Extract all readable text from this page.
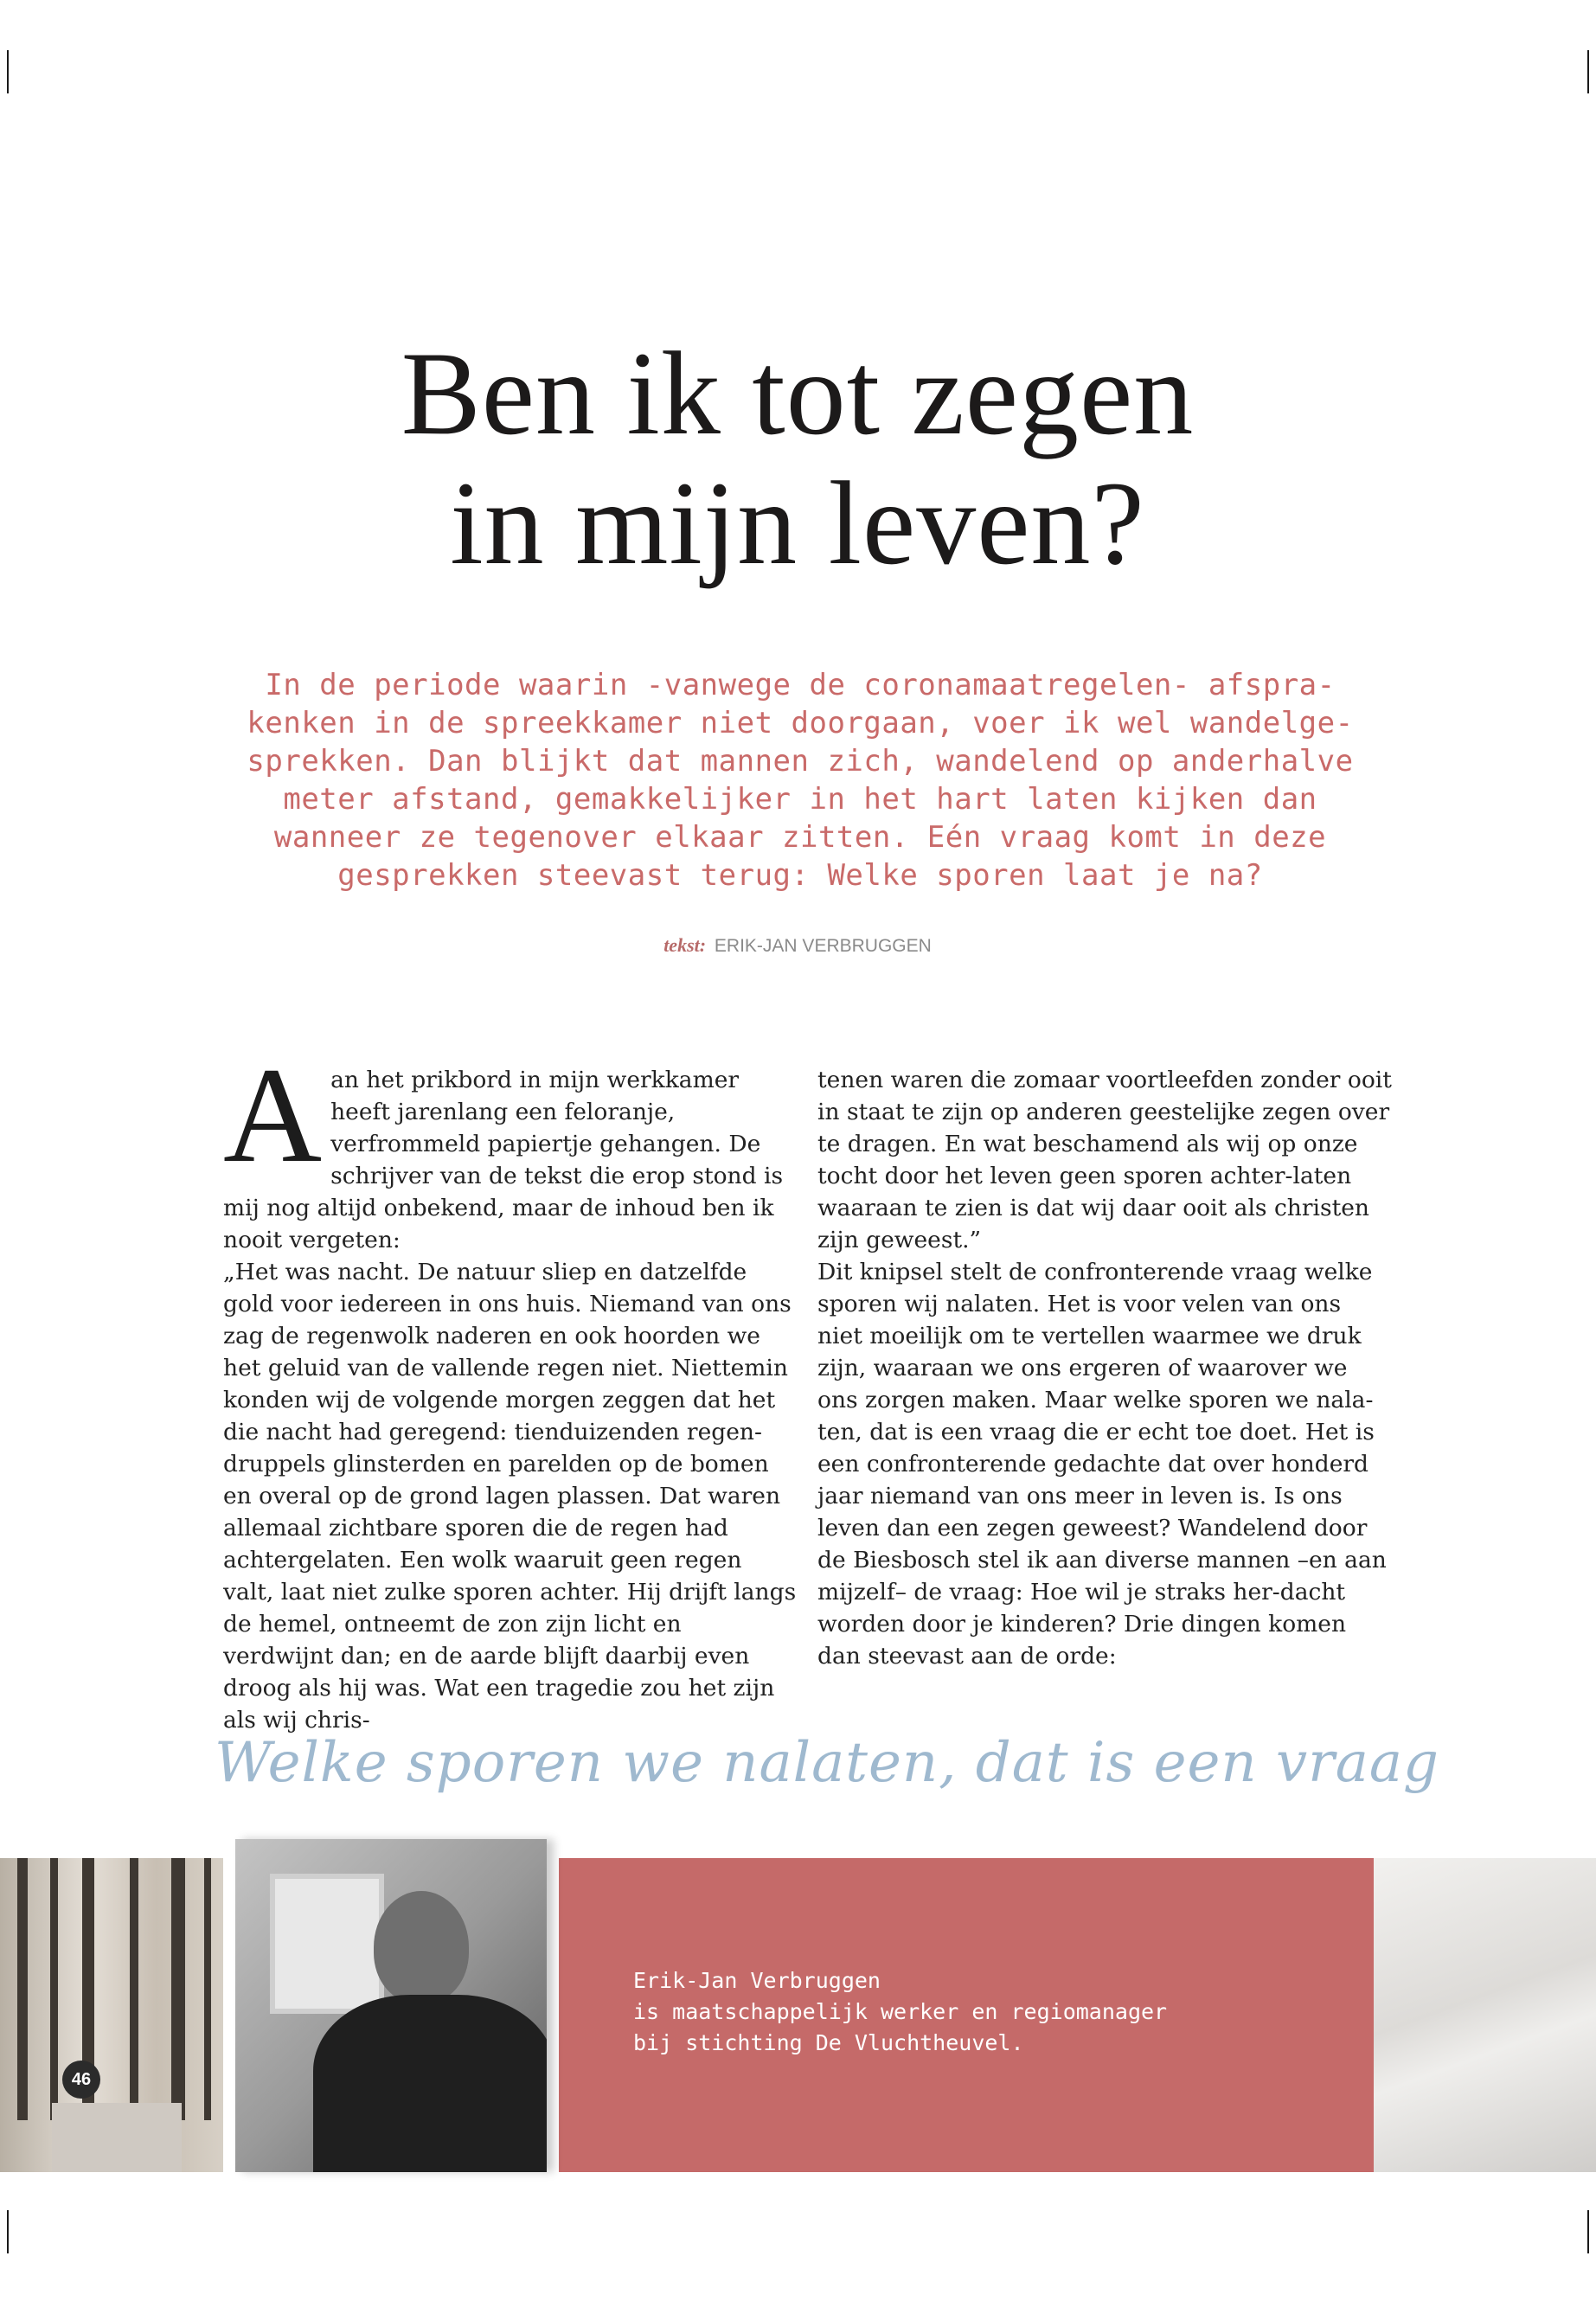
Ben ik tot zegen
in mijn leven?
In de periode waarin -vanwege de coronamaatregelen- afspra-kenken in de spreekkamer niet doorgaan, voer ik wel wandelge-sprekken. Dan blijkt dat mannen zich, wandelend op anderhalve meter afstand, gemakkelijker in het hart laten kijken dan wanneer ze tegenover elkaar zitten. Eén vraag komt in deze gesprekken steevast terug: Welke sporen laat je na?
tekst: ERIK-JAN VERBRUGGEN
A an het prikbord in mijn werkkamer heeft jarenlang een feloranje, verfrommeld papiertje gehangen. De schrijver van de tekst die erop stond is mij nog altijd onbekend, maar de inhoud ben ik nooit vergeten:

„Het was nacht. De natuur sliep en datzelfde gold voor iedereen in ons huis. Niemand van ons zag de regenwolk naderen en ook hoorden we het geluid van de vallende regen niet. Niettemin konden wij de volgende morgen zeggen dat het die nacht had geregend: tienduizenden regen-druppels glinsterden en parelden op de bomen en overal op de grond lagen plassen. Dat waren allemaal zichtbare sporen die de regen had achtergelaten. Een wolk waaruit geen regen valt, laat niet zulke sporen achter. Hij drijft langs de hemel, ontneemt de zon zijn licht en verdwijnt dan; en de aarde blijft daarbij even droog als hij was. Wat een tragedie zou het zijn als wij chris-

tenen waren die zomaar voortleefden zonder ooit in staat te zijn op anderen geestelijke zegen over te dragen. En wat beschamend als wij op onze tocht door het leven geen sporen achter-laten waaraan te zien is dat wij daar ooit als christen zijn geweest.”

Dit knipsel stelt de confronterende vraag welke sporen wij nalaten. Het is voor velen van ons niet moeilijk om te vertellen waarmee we druk zijn, waaraan we ons ergeren of waarover we ons zorgen maken. Maar welke sporen we nala-ten, dat is een vraag die er echt toe doet. Het is een confronterende gedachte dat over honderd jaar niemand van ons meer in leven is. Is ons leven dan een zegen geweest? Wandelend door de Biesbosch stel ik aan diverse mannen –en aan mijzelf– de vraag: Hoe wil je straks her-dacht worden door je kinderen? Drie dingen komen dan steevast aan de orde:

Welke sporen we nalaten, dat is een vraag
46
Erik-Jan Verbruggen
is maatschappelijk werker en regiomanager
bij stichting De Vluchtheuvel.
